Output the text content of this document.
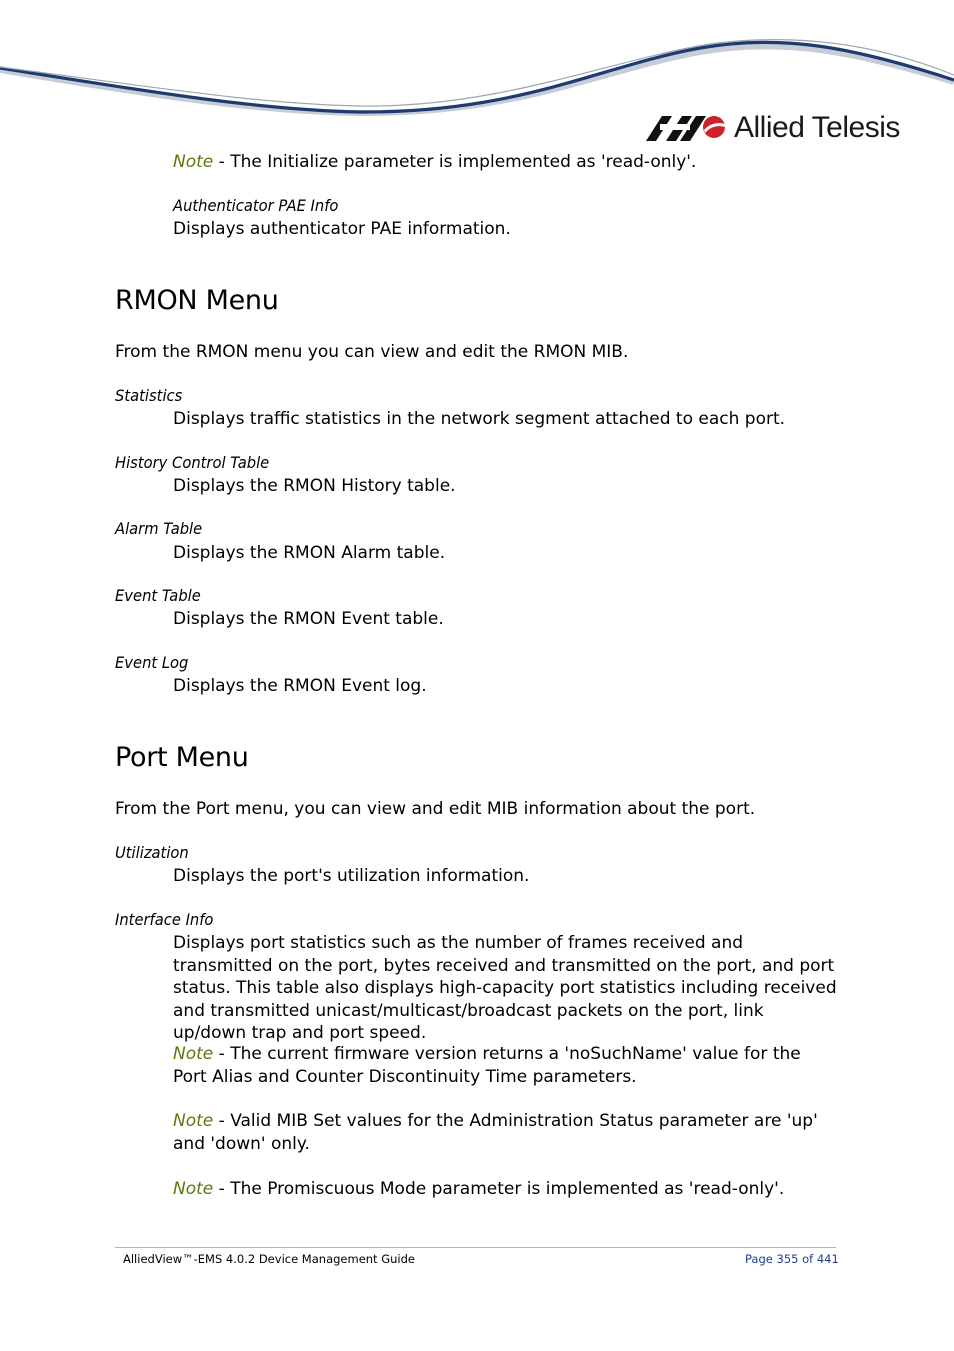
Allied Telesis
Note - The Initialize parameter is implemented as 'read-only'.
Authenticator PAE Info
Displays authenticator PAE information.
RMON Menu
From the RMON menu you can view and edit the RMON MIB.
Statistics
Displays traffic statistics in the network segment attached to each port.
History Control Table
Displays the RMON History table.
Alarm Table
Displays the RMON Alarm table.
Event Table
Displays the RMON Event table.
Event Log
Displays the RMON Event log.
Port Menu
From the Port menu, you can view and edit MIB information about the port.
Utilization
Displays the port's utilization information.
Interface Info
Displays port statistics such as the number of frames received and transmitted on the port, bytes received and transmitted on the port, and port status. This table also displays high-capacity port statistics including received and transmitted unicast/multicast/broadcast packets on the port, link up/down trap and port speed.
Note - The current firmware version returns a 'noSuchName' value for the Port Alias and Counter Discontinuity Time parameters.
Note - Valid MIB Set values for the Administration Status parameter are 'up' and 'down' only.
Note - The Promiscuous Mode parameter is implemented as 'read-only'.
AlliedView™-EMS 4.0.2 Device Management Guide	Page 355 of 441
